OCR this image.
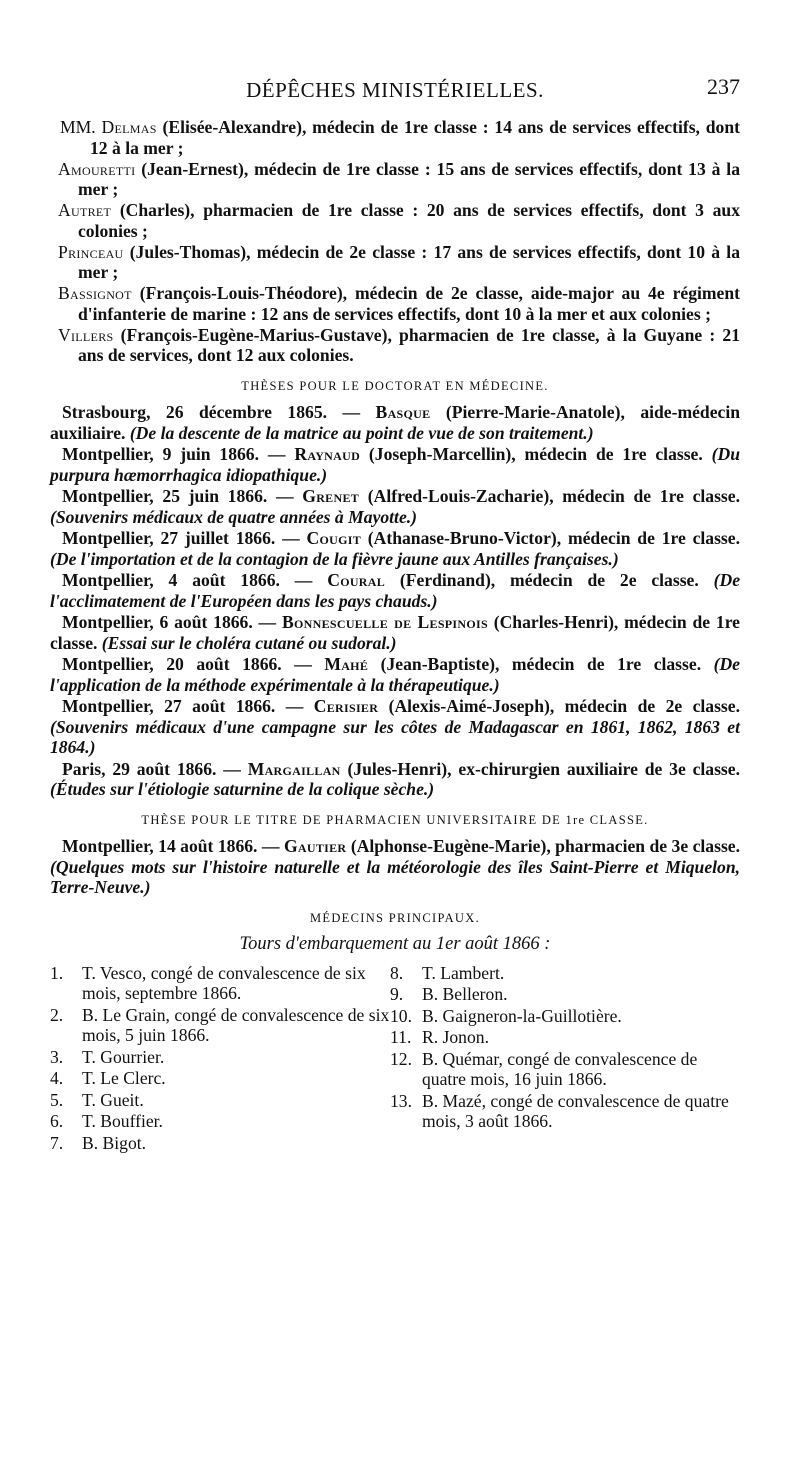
DÉPÊCHES MINISTÉRIELLES.	237

MM. Delmas (Elisée-Alexandre), médecin de 1re classe : 14 ans de services effectifs, dont 12 à la mer ;

Amouretti (Jean-Ernest), médecin de 1re classe : 15 ans de services effectifs, dont 13 à la mer ;

Autret (Charles), pharmacien de 1re classe : 20 ans de services effectifs, dont 3 aux colonies ;

Princeau (Jules-Thomas), médecin de 2e classe : 17 ans de services effectifs, dont 10 à la mer ;

Bassignot (François-Louis-Théodore), médecin de 2e classe, aide-major au 4e régiment d'infanterie de marine : 12 ans de services effectifs, dont 10 à la mer et aux colonies ;

Villers (François-Eugène-Marius-Gustave), pharmacien de 1re classe, à la Guyane : 21 ans de services, dont 12 aux colonies.

THÈSES POUR LE DOCTORAT EN MÉDECINE.

Strasbourg, 26 décembre 1865. — Basque (Pierre-Marie-Anatole), aide-médecin auxiliaire. (De la descente de la matrice au point de vue de son traitement.)

Montpellier, 9 juin 1866. — Raynaud (Joseph-Marcellin), médecin de 1re classe. (Du purpura hæmorrhagica idiopathique.)

Montpellier, 25 juin 1866. — Grenet (Alfred-Louis-Zacharie), médecin de 1re classe. (Souvenirs médicaux de quatre années à Mayotte.)

Montpellier, 27 juillet 1866. — Cougit (Athanase-Bruno-Victor), médecin de 1re classe. (De l'importation et de la contagion de la fièvre jaune aux Antilles françaises.)

Montpellier, 4 août 1866. — Coural (Ferdinand), médecin de 2e classe. (De l'acclimatement de l'Européen dans les pays chauds.)

Montpellier, 6 août 1866. — Bonnescuelle de Lespinois (Charles-Henri), médecin de 1re classe. (Essai sur le choléra cutané ou sudoral.)

Montpellier, 20 août 1866. — Mahé (Jean-Baptiste), médecin de 1re classe. (De l'application de la méthode expérimentale à la thérapeutique.)

Montpellier, 27 août 1866. — Cerisier (Alexis-Aimé-Joseph), médecin de 2e classe. (Souvenirs médicaux d'une campagne sur les côtes de Madagascar en 1861, 1862, 1863 et 1864.)

Paris, 29 août 1866. — Margaillan (Jules-Henri), ex-chirurgien auxiliaire de 3e classe. (Études sur l'étiologie saturnine de la colique sèche.)

THÈSE POUR LE TITRE DE PHARMACIEN UNIVERSITAIRE DE 1re CLASSE.

Montpellier, 14 août 1866. — Gautier (Alphonse-Eugène-Marie), pharmacien de 3e classe. (Quelques mots sur l'histoire naturelle et la météorologie des îles Saint-Pierre et Miquelon, Terre-Neuve.)

MÉDECINS PRINCIPAUX.
Tours d'embarquement au 1er août 1866 :

1. T. Vesco, congé de convalescence de six mois, septembre 1866.

2. B. Le Grain, congé de convalescence de six mois, 5 juin 1866.

3. T. Gourrier.

4. T. Le Clerc.

5. T. Gueit.

6. T. Bouffier.

7. B. Bigot.

8. T. Lambert.

9. B. Belleron.

10. B. Gaigneron-la-Guillotière.

11. R. Jonon.

12. B. Quémar, congé de convalescence de quatre mois, 16 juin 1866.

13. B. Mazé, congé de convalescence de quatre mois, 3 août 1866.
